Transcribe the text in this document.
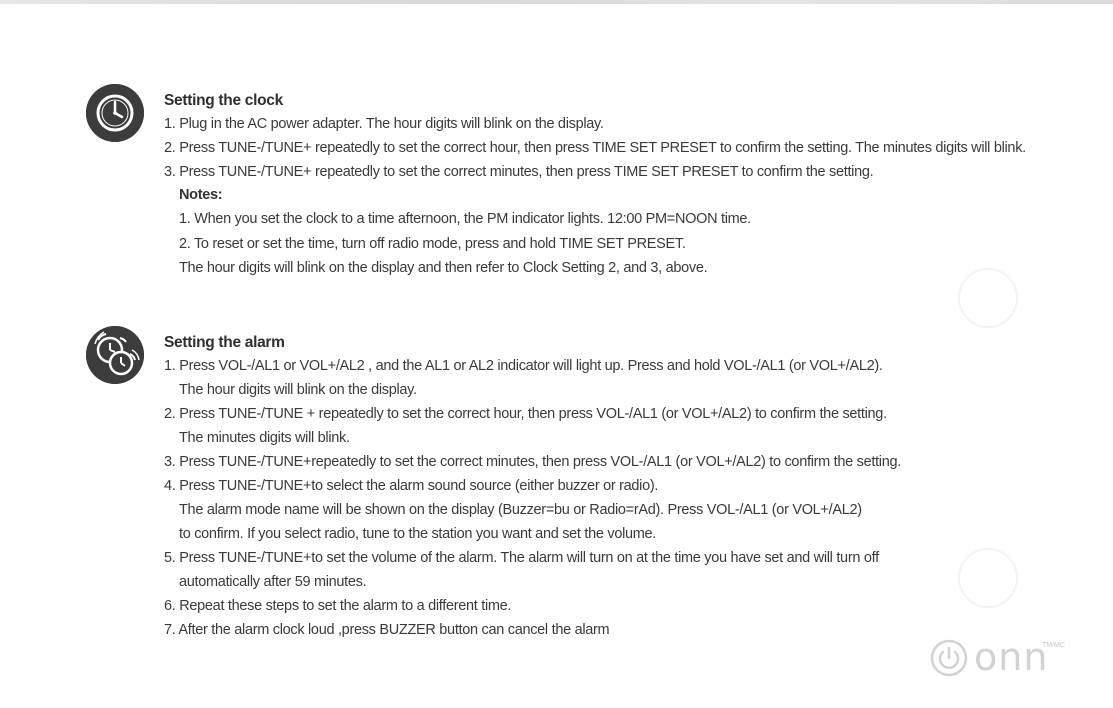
Setting the clock
1. Plug in the AC power adapter. The hour digits will blink on the display.
2. Press TUNE-/TUNE+ repeatedly to set the correct hour, then press TIME SET PRESET to confirm the setting. The minutes digits will blink.
3. Press TUNE-/TUNE+ repeatedly to set the correct minutes, then press TIME SET PRESET to confirm the setting.
Notes:
1. When you set the clock to a time afternoon, the PM indicator lights. 12:00 PM=NOON time.
2. To reset or set the time, turn off radio mode, press and hold TIME SET PRESET.
The hour digits will blink on the display and then refer to Clock Setting 2, and 3, above.
Setting the alarm
1. Press VOL-/AL1 or VOL+/AL2 , and the AL1 or AL2 indicator will light up. Press and hold VOL-/AL1 (or VOL+/AL2).
The hour digits will blink on the display.
2. Press TUNE-/TUNE + repeatedly to set the correct hour, then press VOL-/AL1 (or VOL+/AL2) to confirm the setting.
The minutes digits will blink.
3. Press TUNE-/TUNE+repeatedly to set the correct minutes, then press VOL-/AL1 (or VOL+/AL2) to confirm the setting.
4. Press TUNE-/TUNE+to select the alarm sound source (either buzzer or radio).
The alarm mode name will be shown on the display (Buzzer=bu or Radio=rAd). Press VOL-/AL1 (or VOL+/AL2)
to confirm. If you select radio, tune to the station you want and set the volume.
5. Press TUNE-/TUNE+to set the volume of the alarm. The alarm will turn on at the time you have set and will turn off
automatically after 59 minutes.
6. Repeat these steps to set the alarm to a different time.
7. After the alarm clock loud ,press BUZZER button can cancel the alarm
onn
TM/MC
